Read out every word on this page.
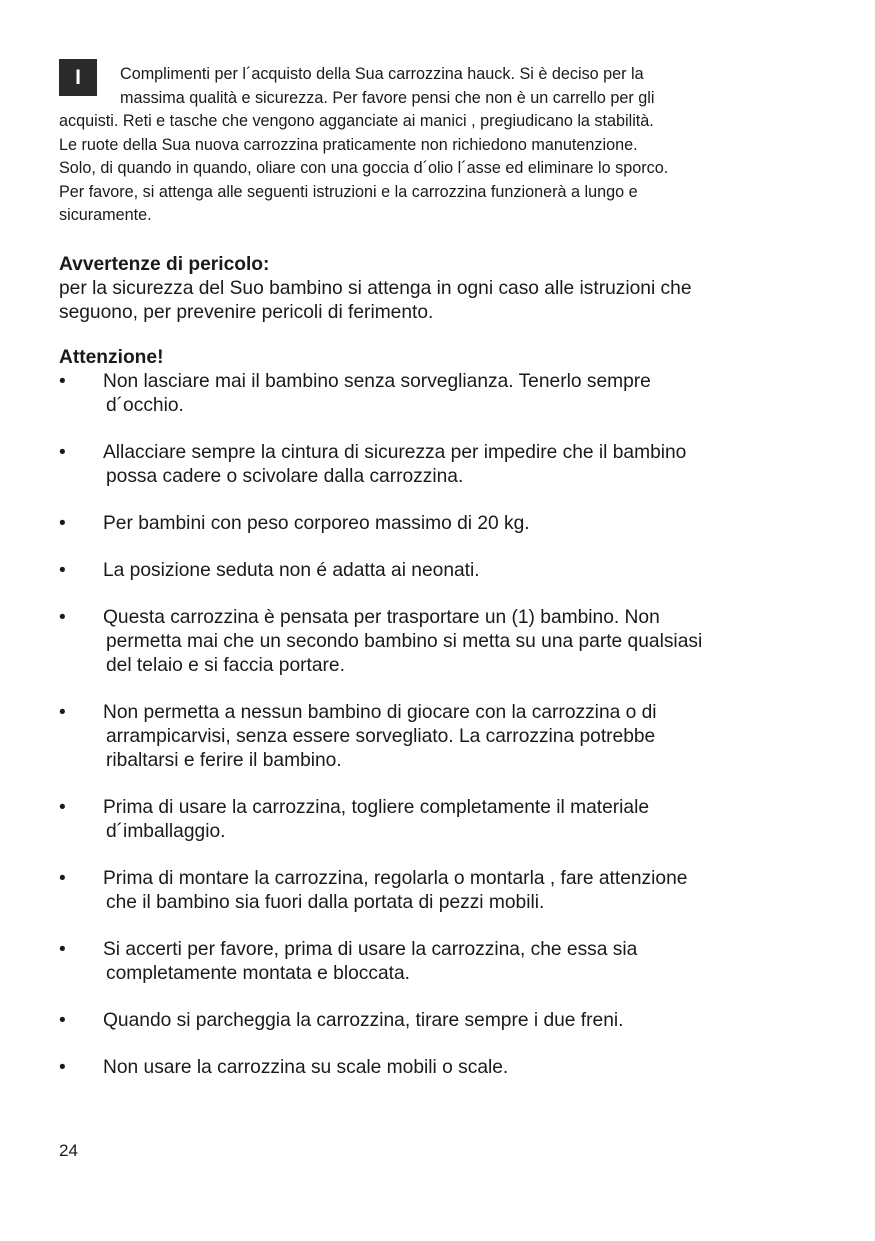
I	Complimenti per l´acquisto della Sua carrozzina hauck. Si è deciso per la
massima qualità e sicurezza. Per favore pensi che non è un carrello per gli
acquisti. Reti e tasche che vengono agganciate ai manici , pregiudicano la stabilità.
Le ruote della Sua nuova carrozzina praticamente non richiedono manutenzione.
Solo, di quando in quando, oliare con una goccia d´olio l´asse ed eliminare lo sporco.
Per favore, si attenga alle seguenti istruzioni e la carrozzina funzionerà a lungo e
sicuramente.
Avvertenze di pericolo:
per la sicurezza del Suo bambino si attenga in ogni caso alle istruzioni che
seguono, per prevenire pericoli di ferimento.
Attenzione!
• Non lasciare mai il bambino senza sorveglianza. Tenerlo sempre
d´occhio.
• Allacciare sempre la cintura di sicurezza per impedire che il bambino
possa cadere o scivolare dalla carrozzina.
• Per bambini con peso corporeo massimo di 20 kg.
• La posizione seduta non é adatta ai neonati.
• Questa carrozzina è pensata per trasportare un (1) bambino. Non
permetta mai che un secondo bambino si metta su una parte qualsiasi
del telaio e si faccia portare.
• Non permetta a nessun bambino di giocare con la carrozzina o di
arrampicarvisi, senza essere sorvegliato. La carrozzina potrebbe
ribaltarsi e ferire il bambino.
• Prima di usare la carrozzina, togliere completamente il materiale
d´imballaggio.
• Prima di montare la carrozzina, regolarla o montarla , fare attenzione
che il bambino sia fuori dalla portata di pezzi mobili.
• Si accerti per favore, prima di usare la carrozzina, che essa sia
completamente montata e bloccata.
• Quando si parcheggia la carrozzina, tirare sempre i due freni.
• Non usare la carrozzina su scale mobili o scale.
24
